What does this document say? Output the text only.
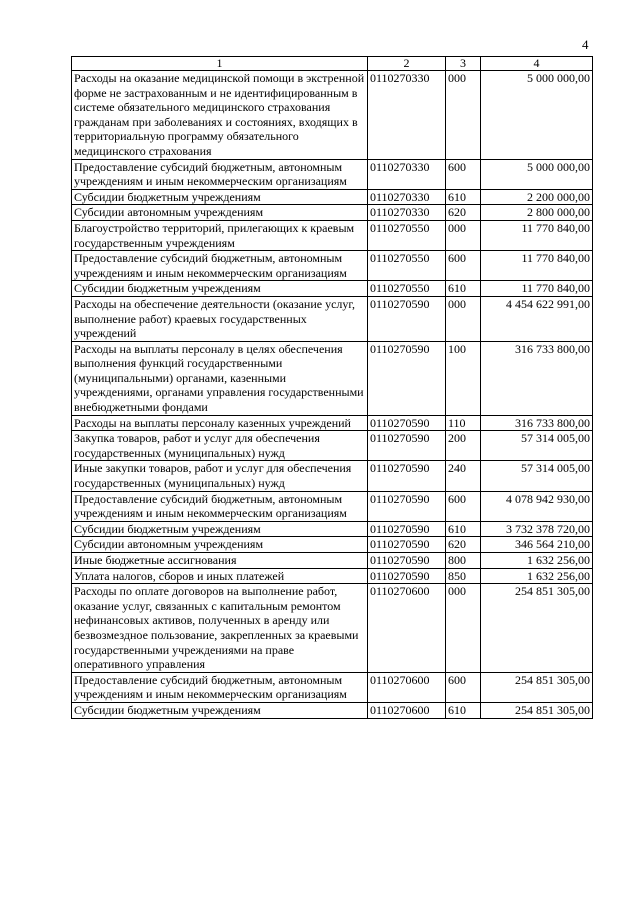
4
1	2	3	4
Расходы на оказание медицинской помощи в экстренной форме не застрахованным и не идентифицированным в системе обязательного медицинского страхования гражданам при заболеваниях и состояниях, входящих в территориальную программу обязательного медицинского страхования	0110270330	000	5 000 000,00
Предоставление субсидий бюджетным, автономным учреждениям и иным некоммерческим организациям	0110270330	600	5 000 000,00
Субсидии бюджетным учреждениям	0110270330	610	2 200 000,00
Субсидии автономным учреждениям	0110270330	620	2 800 000,00
Благоустройство территорий, прилегающих к краевым государственным учреждениям	0110270550	000	11 770 840,00
Предоставление субсидий бюджетным, автономным учреждениям и иным некоммерческим организациям	0110270550	600	11 770 840,00
Субсидии бюджетным учреждениям	0110270550	610	11 770 840,00
Расходы на обеспечение деятельности (оказание услуг, выполнение работ) краевых государственных учреждений	0110270590	000	4 454 622 991,00
Расходы на выплаты персоналу в целях обеспечения выполнения функций государственными (муниципальными) органами, казенными учреждениями, органами управления государственными внебюджетными фондами	0110270590	100	316 733 800,00
Расходы на выплаты персоналу казенных учреждений	0110270590	110	316 733 800,00
Закупка товаров, работ и услуг для обеспечения государственных (муниципальных) нужд	0110270590	200	57 314 005,00
Иные закупки товаров, работ и услуг для обеспечения государственных (муниципальных) нужд	0110270590	240	57 314 005,00
Предоставление субсидий бюджетным, автономным учреждениям и иным некоммерческим организациям	0110270590	600	4 078 942 930,00
Субсидии бюджетным учреждениям	0110270590	610	3 732 378 720,00
Субсидии автономным учреждениям	0110270590	620	346 564 210,00
Иные бюджетные ассигнования	0110270590	800	1 632 256,00
Уплата налогов, сборов и иных платежей	0110270590	850	1 632 256,00
Расходы по оплате договоров на выполнение работ, оказание услуг, связанных с капитальным ремонтом нефинансовых активов, полученных в аренду или безвозмездное пользование, закрепленных за краевыми государственными учреждениями на праве оперативного управления	0110270600	000	254 851 305,00
Предоставление субсидий бюджетным, автономным учреждениям и иным некоммерческим организациям	0110270600	600	254 851 305,00
Субсидии бюджетным учреждениям	0110270600	610	254 851 305,00
